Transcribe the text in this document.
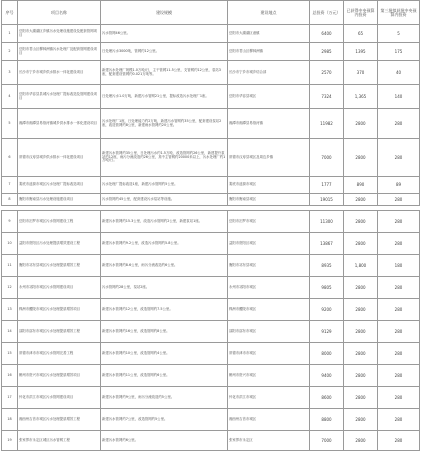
序号	项目名称	建设规模	建设地点	总投资（万元）	已获得中央预算内投资	第三批拟获批中央预算内投资
1	岳阳市大湖湖区乡镇污水处理设施建设及配套管网项目	污水管网46公里。	岳阳市大湖湖区诸镇	6400	65	5
2	岳阳市君山区柳林洲镇污水处理厂及配套管网建设项目	日处理污水3000吨，管网约12公里。	岳阳市君山区柳林洲镇	2985	1395	175
3	长沙市宁乡市城乡供水排水一体化建设项目	新建污水处理厂规模1.0万吨/日，主干管网11.5公里，支管网约12公里，泵站3座，配套建设管网约0.021万吨等。	长沙市宁乡市城乡结合部	2570	370	40
4	岳阳市华容县县城污水处理厂提标改造及管网建设项目	日处理污水1.0万吨，新建污水管网21公里，提标改造污水处理厂1座。	岳阳市华容县城区	7324	1,365	140
5	湘潭市湘潭县易俗河镇城乡供水排水一体化建设项目	污水处理厂1座，日处理能力约2万吨，新建污水管网约35公里，配套建设泵站2座，改造管网约8公里，新建雨水管网约20公里。	湘潭市湘潭县易俗河镇	11982	2800	280
6	常德市汉寿县城乡供水排水一体化建设项目	新建污水管网约35公里，日处理污水约1.5万吨，改造管网约26公里，新建提升泵站约12座，雨污分流改造约26公里，其中主管网约20000米以上，污水处理厂约1万吨/日。	常德市汉寿县城区及周边乡镇	7000	2800	280
7	娄底市涟源市城区污水处理厂提标改造项目	污水处理厂提标改造1座，新建污水管网约5公里。	娄底市涟源市城区	1777	890	89
8	衡阳市衡南县污水处理设施建设项目	污水管网约45公里，配套建设污水泵站等设施。	衡阳市衡南县城区	19015	2800	280
9	岳阳市汨罗市城区污水管网建设工程	新建污水管网约15.3公里，改造污水管网约2公里，新建泵站1座。	岳阳市汨罗市城区	11300	2800	280
10	益阳市资阳区污水处理提质增效建设工程	新建污水管网约9.2公里，改造污水管网约5.8公里。	益阳市资阳区城区	13867	2800	280
11	衡阳市祁东县城区污水处理提质增效工程	新建污水管网约8.6公里，雨污分流改造约6公里。	衡阳市祁东县城区	8935	1,800	180
12	永州市祁阳市城区污水管网建设项目	污水管网约28公里，泵站2座。	永州市祁阳市城区	9805	2800	280
13	株洲市醴陵市城区污水处理提质增效项目	新建污水管网约12公里，改造管网约7.5公里。	株洲市醴陵市城区	9200	2800	280
14	邵阳市邵东市城区污水处理提质增效工程	新建污水管网约16公里，改造管网约8公里。	邵阳市邵东市城区	9129	2800	280
15	常德市津市市城区污水管网完善工程	新建污水管网约10公里，改造管网约4公里。	常德市津市市城区	8000	2800	280
16	郴州市资兴市城区污水处理提质增效项目	新建污水管网约11公里，改造管网约6公里。	郴州市资兴市城区	9400	2800	280
17	怀化市洪江市城区污水管网建设项目	新建污水管网约9公里，雨污分流改造约5公里。	怀化市洪江市城区	8600	2800	280
18	湘西州吉首市城区污水处理提质增效工程	新建污水管网约7公里，改造管网约5公里。	湘西州吉首市城区	8800	2800	280
19	张家界市永定区城区污水管网工程	新建污水管网约6公里。	张家界市永定区	7000	2800	280
